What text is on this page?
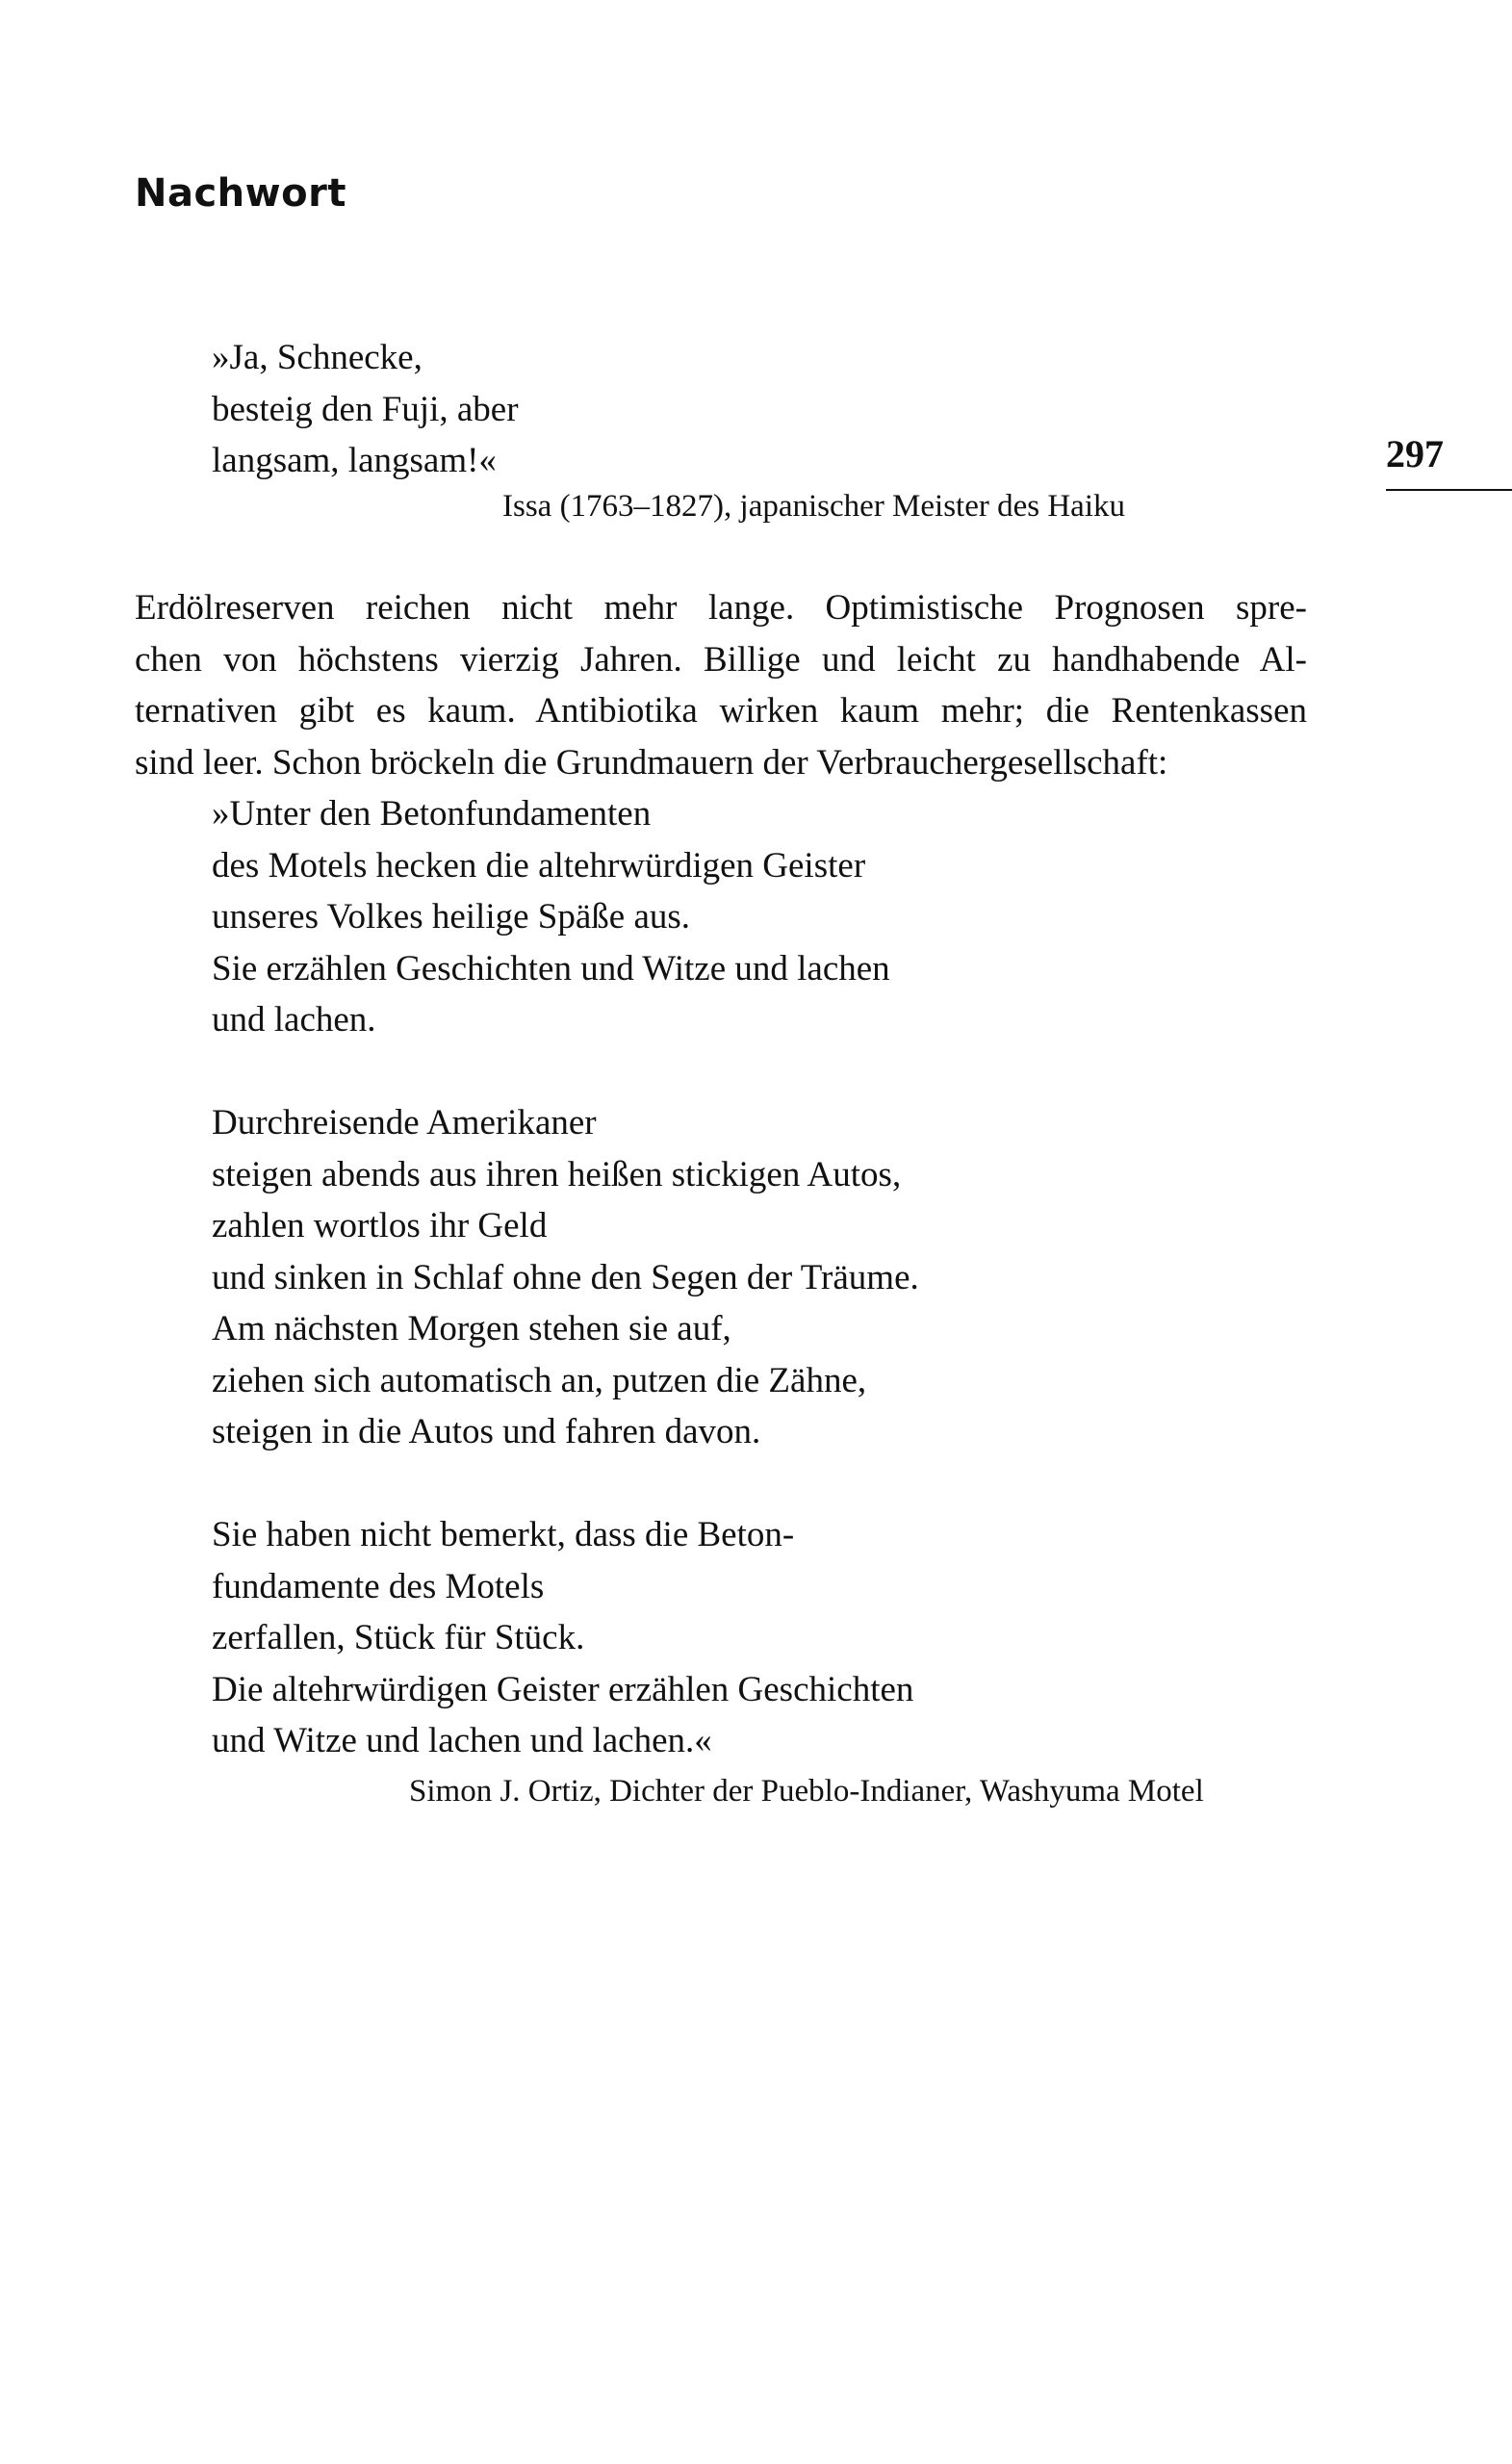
Nachwort
297
»Ja, Schnecke,
besteig den Fuji, aber
langsam, langsam!«
Issa (1763–1827), japanischer Meister des Haiku
Erdölreserven reichen nicht mehr lange. Optimistische Prognosen spre-
chen von höchstens vierzig Jahren. Billige und leicht zu handhabende Al-
ternativen gibt es kaum. Antibiotika wirken kaum mehr; die Rentenkassen
sind leer. Schon bröckeln die Grundmauern der Verbrauchergesellschaft:
»Unter den Betonfundamenten
des Motels hecken die altehrwürdigen Geister
unseres Volkes heilige Späße aus.
Sie erzählen Geschichten und Witze und lachen
und lachen.
Durchreisende Amerikaner
steigen abends aus ihren heißen stickigen Autos,
zahlen wortlos ihr Geld
und sinken in Schlaf ohne den Segen der Träume.
Am nächsten Morgen stehen sie auf,
ziehen sich automatisch an, putzen die Zähne,
steigen in die Autos und fahren davon.
Sie haben nicht bemerkt, dass die Beton-
fundamente des Motels
zerfallen, Stück für Stück.
Die altehrwürdigen Geister erzählen Geschichten
und Witze und lachen und lachen.«
Simon J. Ortiz, Dichter der Pueblo-Indianer, Washyuma Motel
